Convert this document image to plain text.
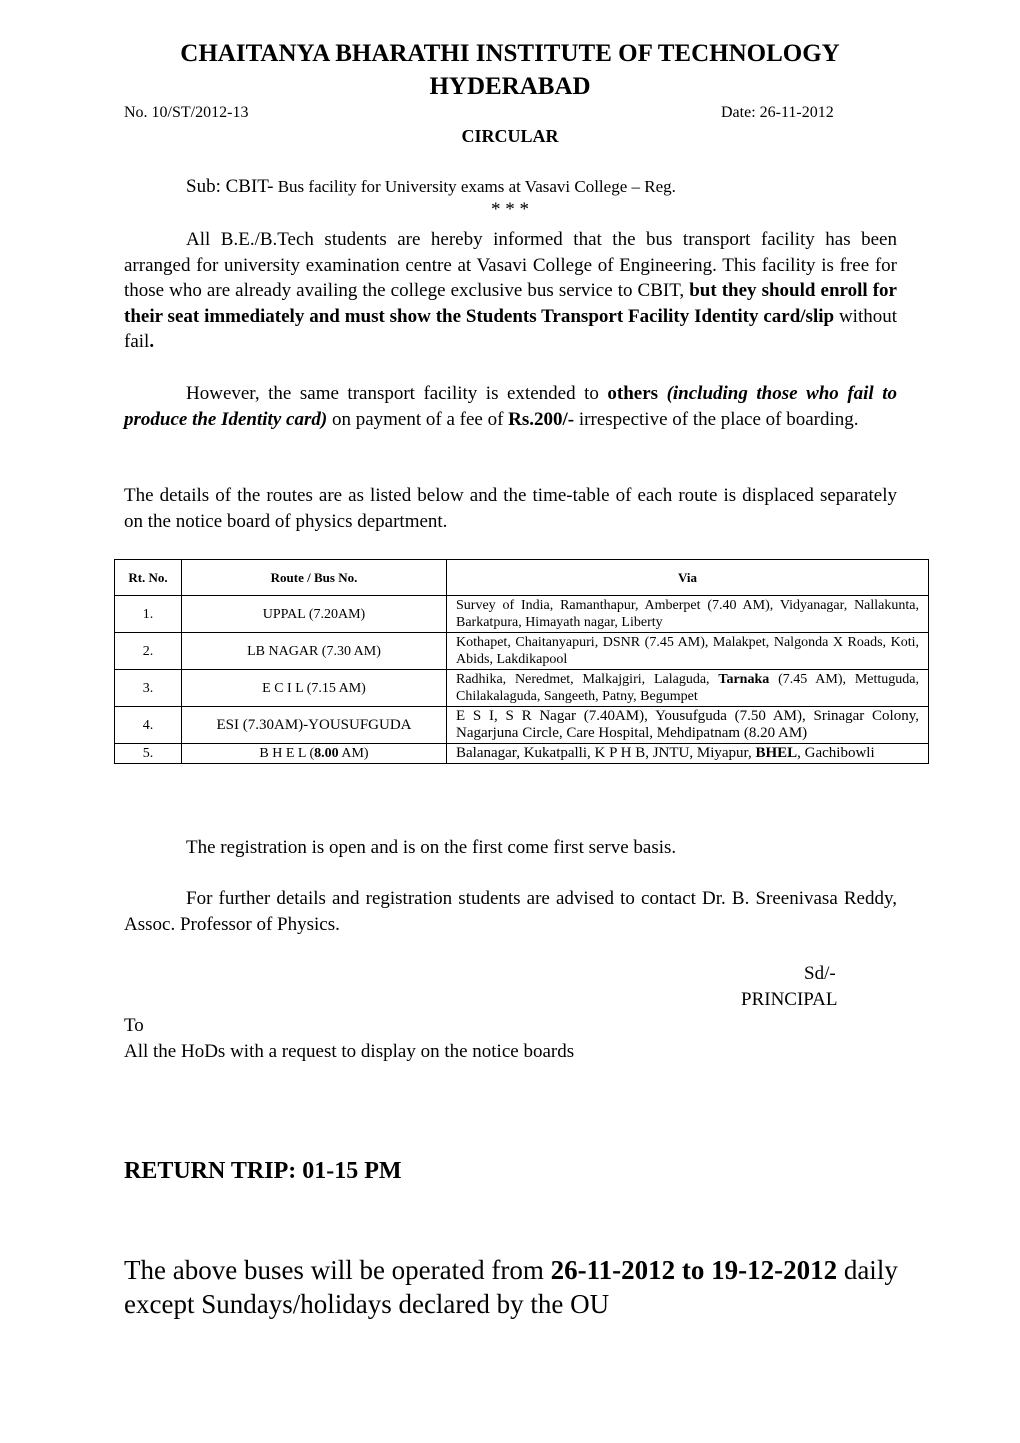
CHAITANYA BHARATHI INSTITUTE OF TECHNOLOGY
HYDERABAD
No. 10/ST/2012-13	Date: 26-11-2012
CIRCULAR
Sub: CBIT- Bus facility for University exams at Vasavi College – Reg.
* * *

All B.E./B.Tech students are hereby informed that the bus transport facility has been arranged for university examination centre at Vasavi College of Engineering. This facility is free for those who are already availing the college exclusive bus service to CBIT, but they should enroll for their seat immediately and must show the Students Transport Facility Identity card/slip without fail.

However, the same transport facility is extended to others (including those who fail to produce the Identity card) on payment of a fee of Rs.200/- irrespective of the place of boarding.

The details of the routes are as listed below and the time-table of each route is displaced separately on the notice board of physics department.

Rt. No.	Route / Bus No.	Via
1.	UPPAL (7.20AM)	Survey of India, Ramanthapur, Amberpet (7.40 AM), Vidyanagar, Nallakunta, Barkatpura, Himayath nagar, Liberty
2.	LB NAGAR (7.30 AM)	Kothapet, Chaitanyapuri, DSNR (7.45 AM), Malakpet, Nalgonda X Roads, Koti, Abids, Lakdikapool
3.	E C I L (7.15 AM)	Radhika, Neredmet, Malkajgiri, Lalaguda, Tarnaka (7.45 AM), Mettuguda, Chilakalaguda, Sangeeth, Patny, Begumpet
4.	ESI (7.30AM)-YOUSUFGUDA	E S I, S R Nagar (7.40AM), Yousufguda (7.50 AM), Srinagar Colony, Nagarjuna Circle, Care Hospital, Mehdipatnam (8.20 AM)
5.	B H E L (8.00 AM)	Balanagar, Kukatpalli, K P H B, JNTU, Miyapur, BHEL, Gachibowli

The registration is open and is on the first come first serve basis.

For further details and registration students are advised to contact Dr. B. Sreenivasa Reddy, Assoc. Professor of Physics.

Sd/-
PRINCIPAL
To
All the HoDs with a request to display on the notice boards
RETURN TRIP: 01-15 PM

The above buses will be operated from 26-11-2012 to 19-12-2012 daily except Sundays/holidays declared by the OU
